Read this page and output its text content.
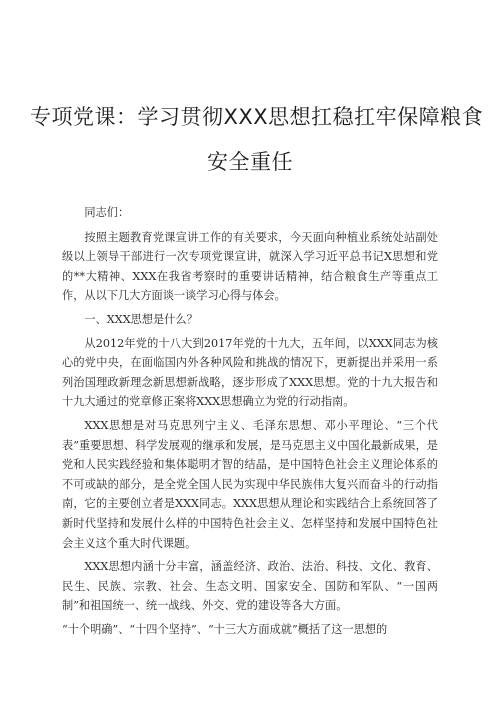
专项党课：学习贯彻XXX思想扛稳扛牢保障粮食
安全重任

同志们：

按照主题教育党课宣讲工作的有关要求，今天面向种植业系统处站副处级以上领导干部进行一次专项党课宣讲，就深入学习近平总书记X思想和党的**大精神、XXX在我省考察时的重要讲话精神，结合粮食生产等重点工作，从以下几大方面谈一谈学习心得与体会。

一、XXX思想是什么？

从2012年党的十八大到2017年党的十九大，五年间，以XXX同志为核心的党中央，在面临国内外各种风险和挑战的情况下，更新提出并采用一系列治国理政新理念新思想新战略，逐步形成了XXX思想。党的十九大报告和十九大通过的党章修正案将XXX思想确立为党的行动指南。

XXX思想是对马克思列宁主义、毛泽东思想、邓小平理论、“三个代表”重要思想、科学发展观的继承和发展，是马克思主义中国化最新成果，是党和人民实践经验和集体聪明才智的结晶，是中国特色社会主义理论体系的不可或缺的部分，是全党全国人民为实现中华民族伟大复兴而奋斗的行动指南，它的主要创立者是XXX同志。XXX思想从理论和实践结合上系统回答了新时代坚持和发展什么样的中国特色社会主义、怎样坚持和发展中国特色社会主义这个重大时代课题。

XXX思想内涵十分丰富，涵盖经济、政治、法治、科技、文化、教育、民生、民族、宗教、社会、生态文明、国家安全、国防和军队、“一国两制”和祖国统一、统一战线、外交、党的建设等各大方面。

“十个明确”、“十四个坚持”、“十三大方面成就”概括了这一思想的
